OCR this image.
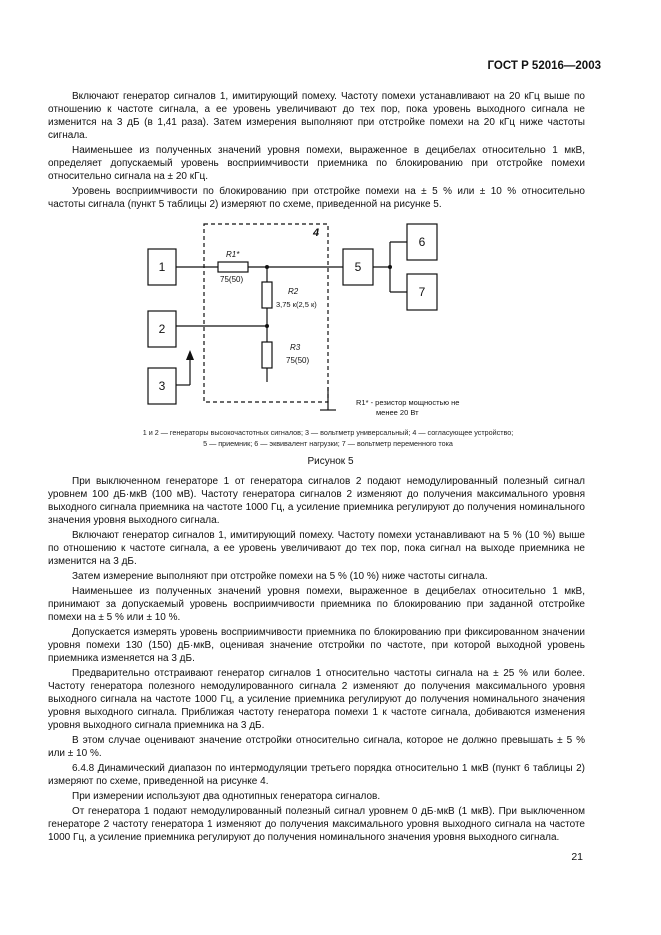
ГОСТ Р 52016—2003

Включают генератор сигналов 1, имитирующий помеху. Частоту помехи устанавливают на 20 кГц выше по отношению к частоте сигнала, а ее уровень увеличивают до тех пор, пока уровень выходного сигнала не изменится на 3 дБ (в 1,41 раза). Затем измерения выполняют при отстройке помехи на 20 кГц ниже частоты сигнала.

Наименьшее из полученных значений уровня помехи, выраженное в децибелах относительно 1 мкВ, определяет допускаемый уровень восприимчивости приемника по блокированию при отстройке помехи относительно сигнала на ± 20 кГц.

Уровень восприимчивости по блокированию при отстройке помехи на ± 5 % или ± 10 % относительно частоты сигнала (пункт 5 таблицы 2) измеряют по схеме, приведенной на рисунке 5.

1
2
3
4
5
6
7
R1*
75(50)
R2
3,75 к(2,5 к)
R3
75(50)
R1* - резистор мощностью не
менее 20 Вт
1 и 2 — генераторы высокочастотных сигналов; 3 — вольтметр универсальный; 4 — согласующее устройство;
5 — приемник; 6 — эквивалент нагрузки; 7 — вольтметр переменного тока
Рисунок 5

При выключенном генераторе 1 от генератора сигналов 2 подают немодулированный полезный сигнал уровнем 100 дБ·мкВ (100 мВ). Частоту генератора сигналов 2 изменяют до получения максимального уровня выходного сигнала приемника на частоте 1000 Гц, а усиление приемника регулируют до получения номинального значения уровня выходного сигнала.

Включают генератор сигналов 1, имитирующий помеху. Частоту помехи устанавливают на 5 % (10 %) выше по отношению к частоте сигнала, а ее уровень увеличивают до тех пор, пока сигнал на выходе приемника не изменится на 3 дБ.

Затем измерение выполняют при отстройке помехи на 5 % (10 %) ниже частоты сигнала.

Наименьшее из полученных значений уровня помехи, выраженное в децибелах относительно 1 мкВ, принимают за допускаемый уровень восприимчивости приемника по блокированию при заданной отстройке помехи на ± 5 % или ± 10 %.

Допускается измерять уровень восприимчивости приемника по блокированию при фиксированном значении уровня помехи 130 (150) дБ·мкВ, оценивая значение отстройки по частоте, при которой выходной уровень приемника изменяется на 3 дБ.

Предварительно отстраивают генератор сигналов 1 относительно частоты сигнала на ± 25 % или более. Частоту генератора полезного немодулированного сигнала 2 изменяют до получения максимального уровня выходного сигнала на частоте 1000 Гц, а усиление приемника регулируют до получения номинального значения уровня выходного сигнала. Приближая частоту генератора помехи 1 к частоте сигнала, добиваются изменения уровня выходного сигнала приемника на 3 дБ.

В этом случае оценивают значение отстройки относительно сигнала, которое не должно превышать ± 5 % или ± 10 %.

6.4.8 Динамический диапазон по интермодуляции третьего порядка относительно 1 мкВ (пункт 6 таблицы 2) измеряют по схеме, приведенной на рисунке 4.

При измерении используют два однотипных генератора сигналов.

От генератора 1 подают немодулированный полезный сигнал уровнем 0 дБ·мкВ (1 мкВ). При выключенном генераторе 2 частоту генератора 1 изменяют до получения максимального уровня выходного сигнала на частоте 1000 Гц, а усиление приемника регулируют до получения номинального значения уровня выходного сигнала.

21
